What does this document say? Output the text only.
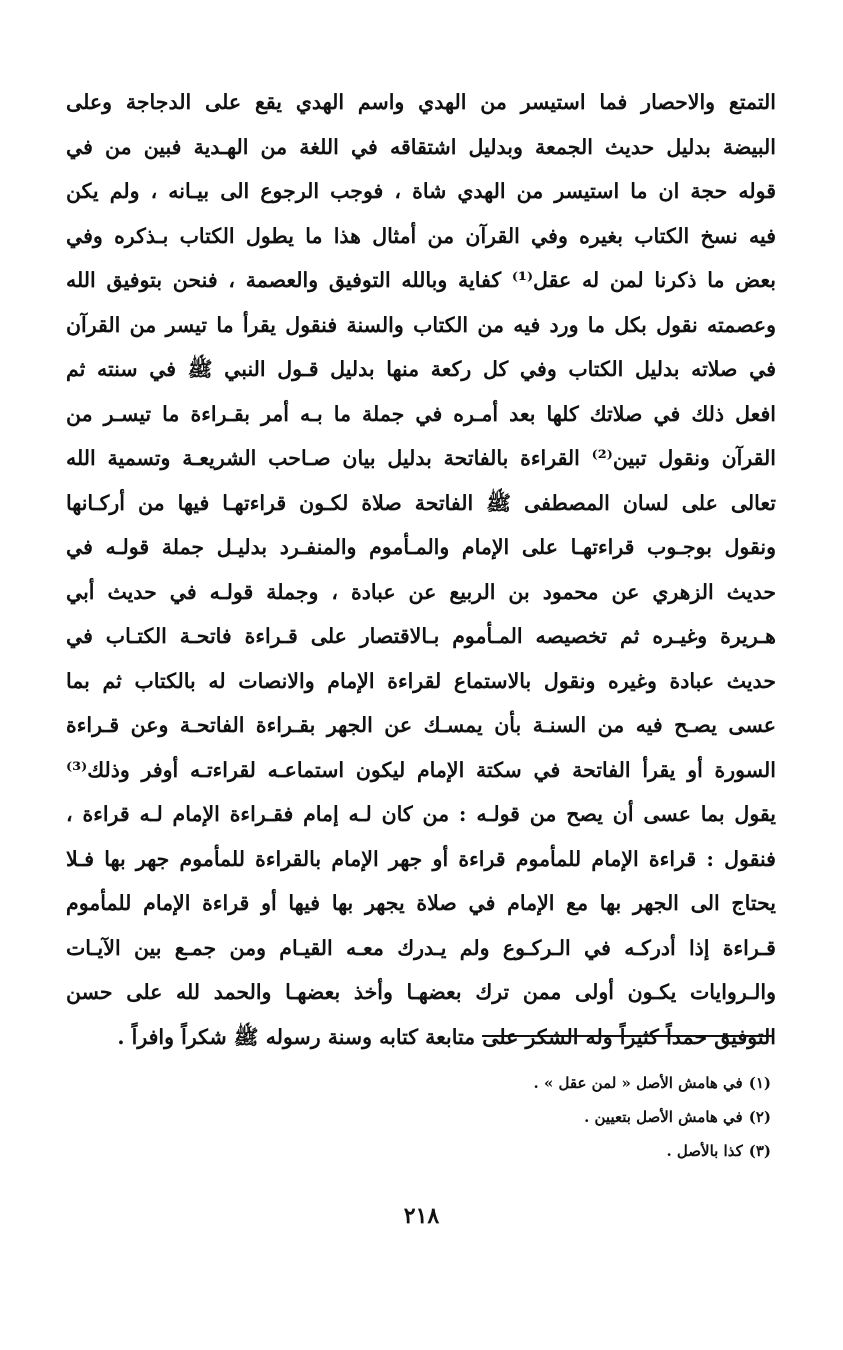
التمتع والاحصار فما استيسر من الهدي واسم الهدي يقع على الدجاجة وعلى
البيضة بدليل حديث الجمعة وبدليل اشتقاقه في اللغة من الهـدية فبين من في
قوله حجة ان ما استيسر من الهدي شاة ، فوجب الرجوع الى بيـانه ، ولم يكن
فيه نسخ الكتاب بغيره وفي القرآن من أمثال هذا ما يطول الكتاب بـذكره وفي
بعض ما ذكرنا لمن له عقل⁽¹⁾ كفاية وبالله التوفيق والعصمة ، فنحن بتوفيق الله
وعصمته نقول بكل ما ورد فيه من الكتاب والسنة فنقول يقرأ ما تيسر من القرآن
في صلاته بدليل الكتاب وفي كل ركعة منها بدليل قـول النبي ﷺ في سنته ثم
افعل ذلك في صلاتك كلها بعد أمـره في جملة ما بـه أمر بقـراءة ما تيسـر من
القرآن ونقول تبين⁽²⁾ القراءة بالفاتحة بدليل بيان صـاحب الشريعـة وتسمية الله
تعالى على لسان المصطفى ﷺ الفاتحة صلاة لكـون قراءتهـا فيها من أركـانها
ونقول بوجـوب قراءتهـا على الإمام والمـأموم والمنفـرد بدليـل جملة قولـه في
حديث الزهري عن محمود بن الربيع عن عبادة ، وجملة قولـه في حديث أبي
هـريرة وغيـره ثم تخصيصه المـأموم بـالاقتصار على قـراءة فاتحـة الكتـاب في
حديث عبادة وغيره ونقول بالاستماع لقراءة الإمام والانصات له بالكتاب ثم بما
عسى يصـح فيه من السنـة بأن يمسـك عن الجهر بقـراءة الفاتحـة وعن قـراءة
السورة أو يقرأ الفاتحة في سكتة الإمام ليكون استماعـه لقراءتـه أوفر وذلك⁽³⁾
يقول بما عسى أن يصح من قولـه : من كان لـه إمام فقـراءة الإمام لـه قراءة ،
فنقول : قراءة الإمام للمأموم قراءة أو جهر الإمام بالقراءة للمأموم جهر بها فـلا
يحتاج الى الجهر بها مع الإمام في صلاة يجهر بها فيها أو قراءة الإمام للمأموم
قـراءة إذا أدركـه في الـركـوع ولم يـدرك معـه القيـام ومن جمـع بين الآيـات
والـروايات يكـون أولى ممن ترك بعضهـا وأخذ بعضهـا والحمد لله على حسن
التوفيق حمداً كثيراً وله الشكر على متابعة كتابه وسنة رسوله ﷺ شكراً وافراً .
(١)في هامش الأصل « لمن عقل » .
(٢)في هامش الأصل بتعيين .
(٣)كذا بالأصل .
٢١٨
